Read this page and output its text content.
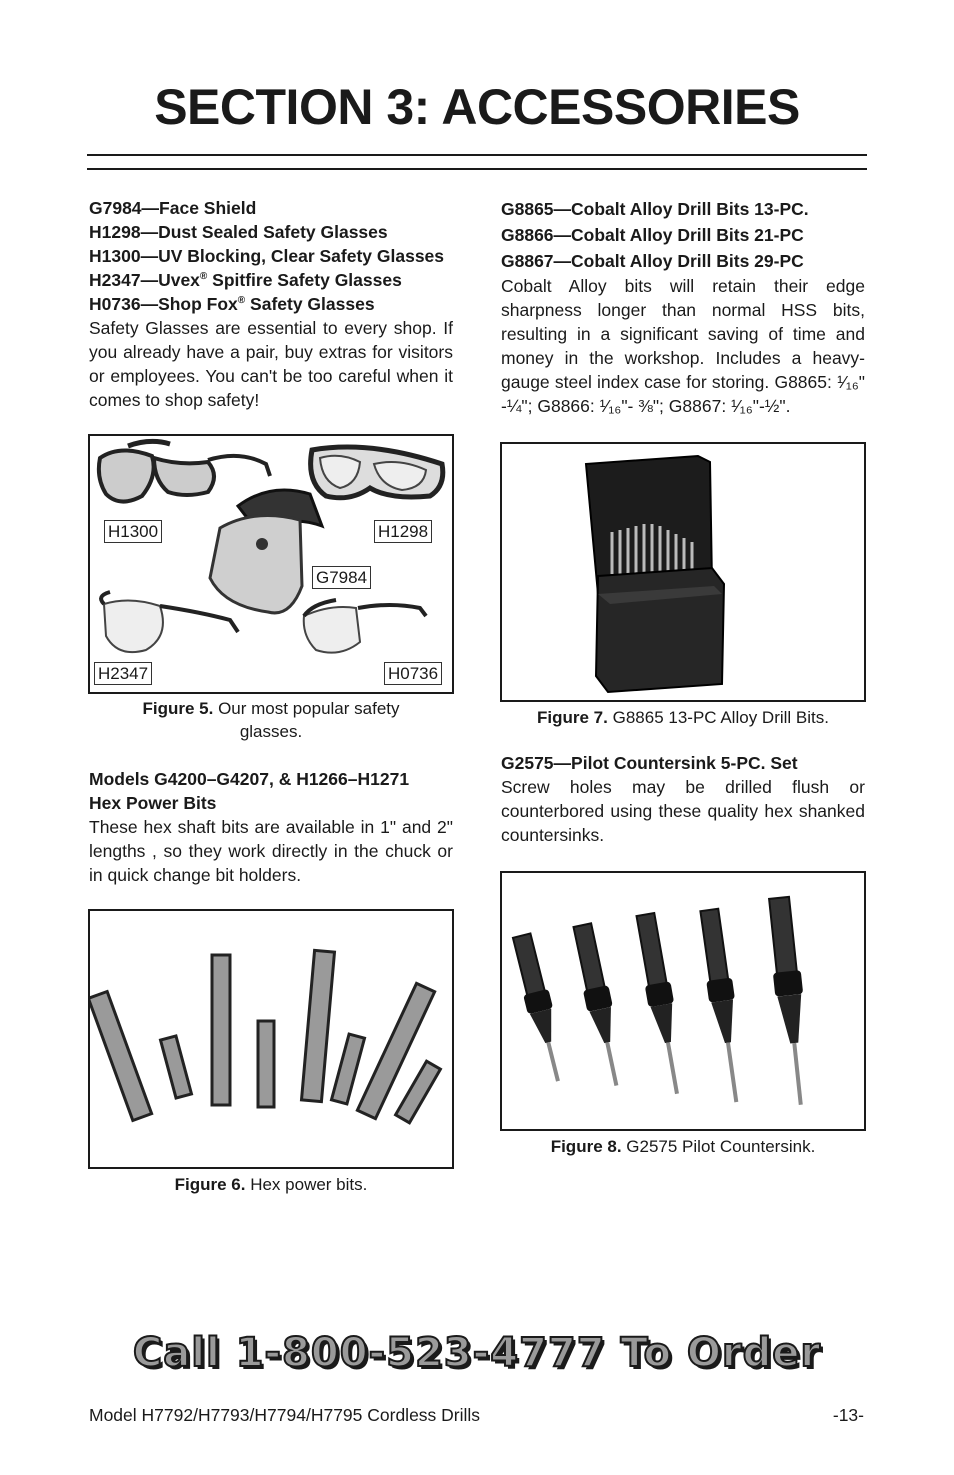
SECTION 3: ACCESSORIES
G7984—Face Shield
H1298—Dust Sealed Safety Glasses
H1300—UV Blocking, Clear Safety Glasses
H2347—Uvex® Spitfire Safety Glasses
H0736—Shop Fox® Safety Glasses
Safety Glasses are essential to every shop. If you already have a pair, buy extras for visitors or employees. You can't be too careful when it comes to shop safety!
H1300	H1298
G7984
H2347	H0736
Figure 5. Our most popular safety glasses.
Models G4200–G4207, & H1266–H1271
Hex Power Bits
These hex shaft bits are available in 1" and 2" lengths , so they work directly in the chuck or in quick change bit holders.
Figure 6. Hex power bits.
G8865—Cobalt Alloy Drill Bits 13-PC.
G8866—Cobalt Alloy Drill Bits 21-PC
G8867—Cobalt Alloy Drill Bits 29-PC
Cobalt Alloy bits will retain their edge sharpness longer than normal HSS bits, resulting in a significant saving of time and money in the workshop. Includes a heavy-gauge steel index case for storing. G8865: ¹⁄₁₆" -¼"; G8866: ¹⁄₁₆"- ⅜"; G8867: ¹⁄₁₆"-½".
Figure 7. G8865 13-PC Alloy Drill Bits.
G2575—Pilot Countersink 5-PC. Set
Screw holes may be drilled flush or counterbored using these quality hex shanked countersinks.
Figure 8. G2575 Pilot Countersink.
Call 1-800-523-4777 To Order
Model H7792/H7793/H7794/H7795 Cordless Drills	-13-
